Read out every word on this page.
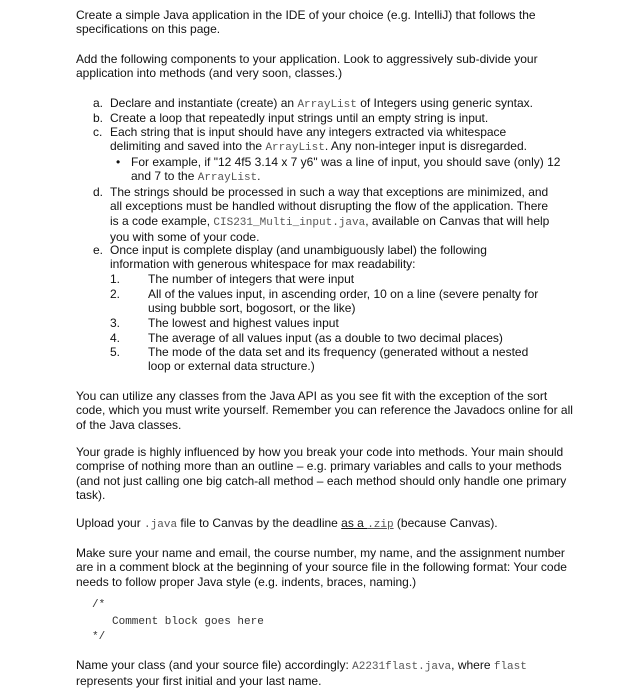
Create a simple Java application in the IDE of your choice (e.g. IntelliJ) that follows the specifications on this page.

Add the following components to your application. Look to aggressively sub-divide your application into methods (and very soon, classes.)

a. Declare and instantiate (create) an ArrayList of Integers using generic syntax.

b. Create a loop that repeatedly input strings until an empty string is input.

c. Each string that is input should have any integers extracted via whitespace delimiting and saved into the ArrayList. Any non-integer input is disregarded.

• For example, if "12 4f5 3.14 x 7 y6" was a line of input, you should save (only) 12 and 7 to the ArrayList.

d. The strings should be processed in such a way that exceptions are minimized, and all exceptions must be handled without disrupting the flow of the application. There is a code example, CIS231_Multi_input.java, available on Canvas that will help you with some of your code.

e. Once input is complete display (and unambiguously label) the following information with generous whitespace for max readability:

1. The number of integers that were input

2. All of the values input, in ascending order, 10 on a line (severe penalty for using bubble sort, bogosort, or the like)

3. The lowest and highest values input

4. The average of all values input (as a double to two decimal places)

5. The mode of the data set and its frequency (generated without a nested loop or external data structure.)

You can utilize any classes from the Java API as you see fit with the exception of the sort code, which you must write yourself. Remember you can reference the Javadocs online for all of the Java classes.

Your grade is highly influenced by how you break your code into methods. Your main should comprise of nothing more than an outline – e.g. primary variables and calls to your methods (and not just calling one big catch-all method – each method should only handle one primary task).

Upload your .java file to Canvas by the deadline as a .zip (because Canvas).

Make sure your name and email, the course number, my name, and the assignment number are in a comment block at the beginning of your source file in the following format: Your code needs to follow proper Java style (e.g. indents, braces, naming.)

/*
Comment block goes here
*/

Name your class (and your source file) accordingly: A2231flast.java, where flast represents your first initial and your last name.
